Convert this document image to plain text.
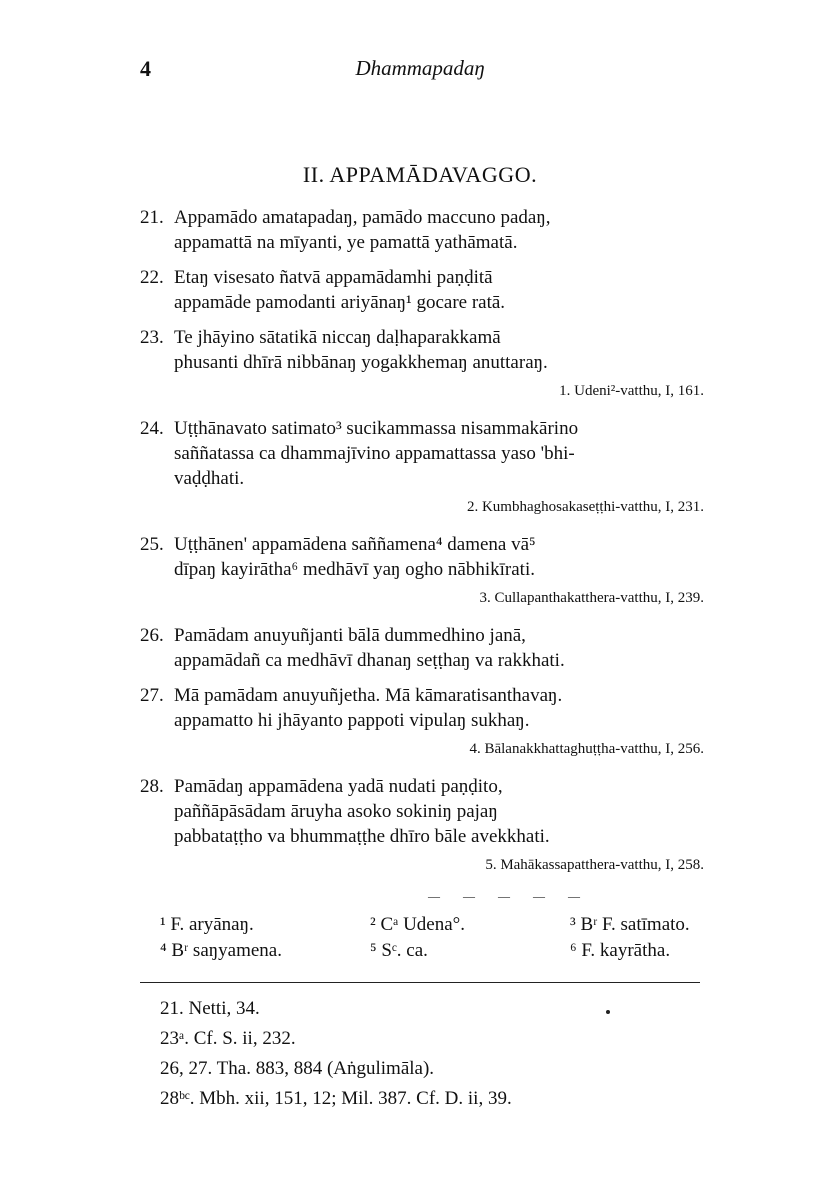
4	Dhammapadaŋ
II. APPAMĀDAVAGGO.
21. Appamādo amatapadaŋ, pamādo maccuno padaŋ,
appamattā na mīyanti, ye pamattā yathāmatā.
22. Etaŋ visesato ñatvā appamādamhi paṇḍitā
appamāde pamodanti ariyānaŋ¹ gocare ratā.
23. Te jhāyino sātatikā niccaŋ daḷhaparakkamā
phusanti dhīrā nibbānaŋ yogakkhemaŋ anuttaraŋ.
1. Udeni²-vatthu, I, 161.
24. Uṭṭhānavato satimato³ sucikammassa nisammakārino
saññatassa ca dhammajīvino appamattassa yaso 'bhi-
vaḍḍhati.
2. Kumbhaghosakaseṭṭhi-vatthu, I, 231.
25. Uṭṭhānen' appamādena saññamena⁴ damena vā⁵
dīpaŋ kayirātha⁶ medhāvī yaŋ ogho nābhikīrati.
3. Cullapanthakatthera-vatthu, I, 239.
26. Pamādam anuyuñjanti bālā dummedhino janā,
appamādañ ca medhāvī dhanaŋ seṭṭhaŋ va rakkhati.
27. Mā pamādam anuyuñjetha. Mā kāmaratisanthavaŋ.
appamatto hi jhāyanto pappoti vipulaŋ sukhaŋ.
4. Bālanakkhattaghuṭṭha-vatthu, I, 256.
28. Pamādaŋ appamādena yadā nudati paṇḍito,
paññāpāsādam āruyha asoko sokiniŋ pajaŋ
pabbataṭṭho va bhummaṭṭhe dhīro bāle avekkhati.
5. Mahākassapatthera-vatthu, I, 258.
— — — — —
¹ F. aryānaŋ.	² Cᵃ Udena°.	³ Bʳ F. satīmato.
⁴ Bʳ saŋyamena.	⁵ Sᶜ. ca.	⁶ F. kayrātha.
21. Netti, 34.
23ᵃ. Cf. S. ii, 232.
26, 27. Tha. 883, 884 (Aṅgulimāla).
28ᵇᶜ. Mbh. xii, 151, 12; Mil. 387. Cf. D. ii, 39.
